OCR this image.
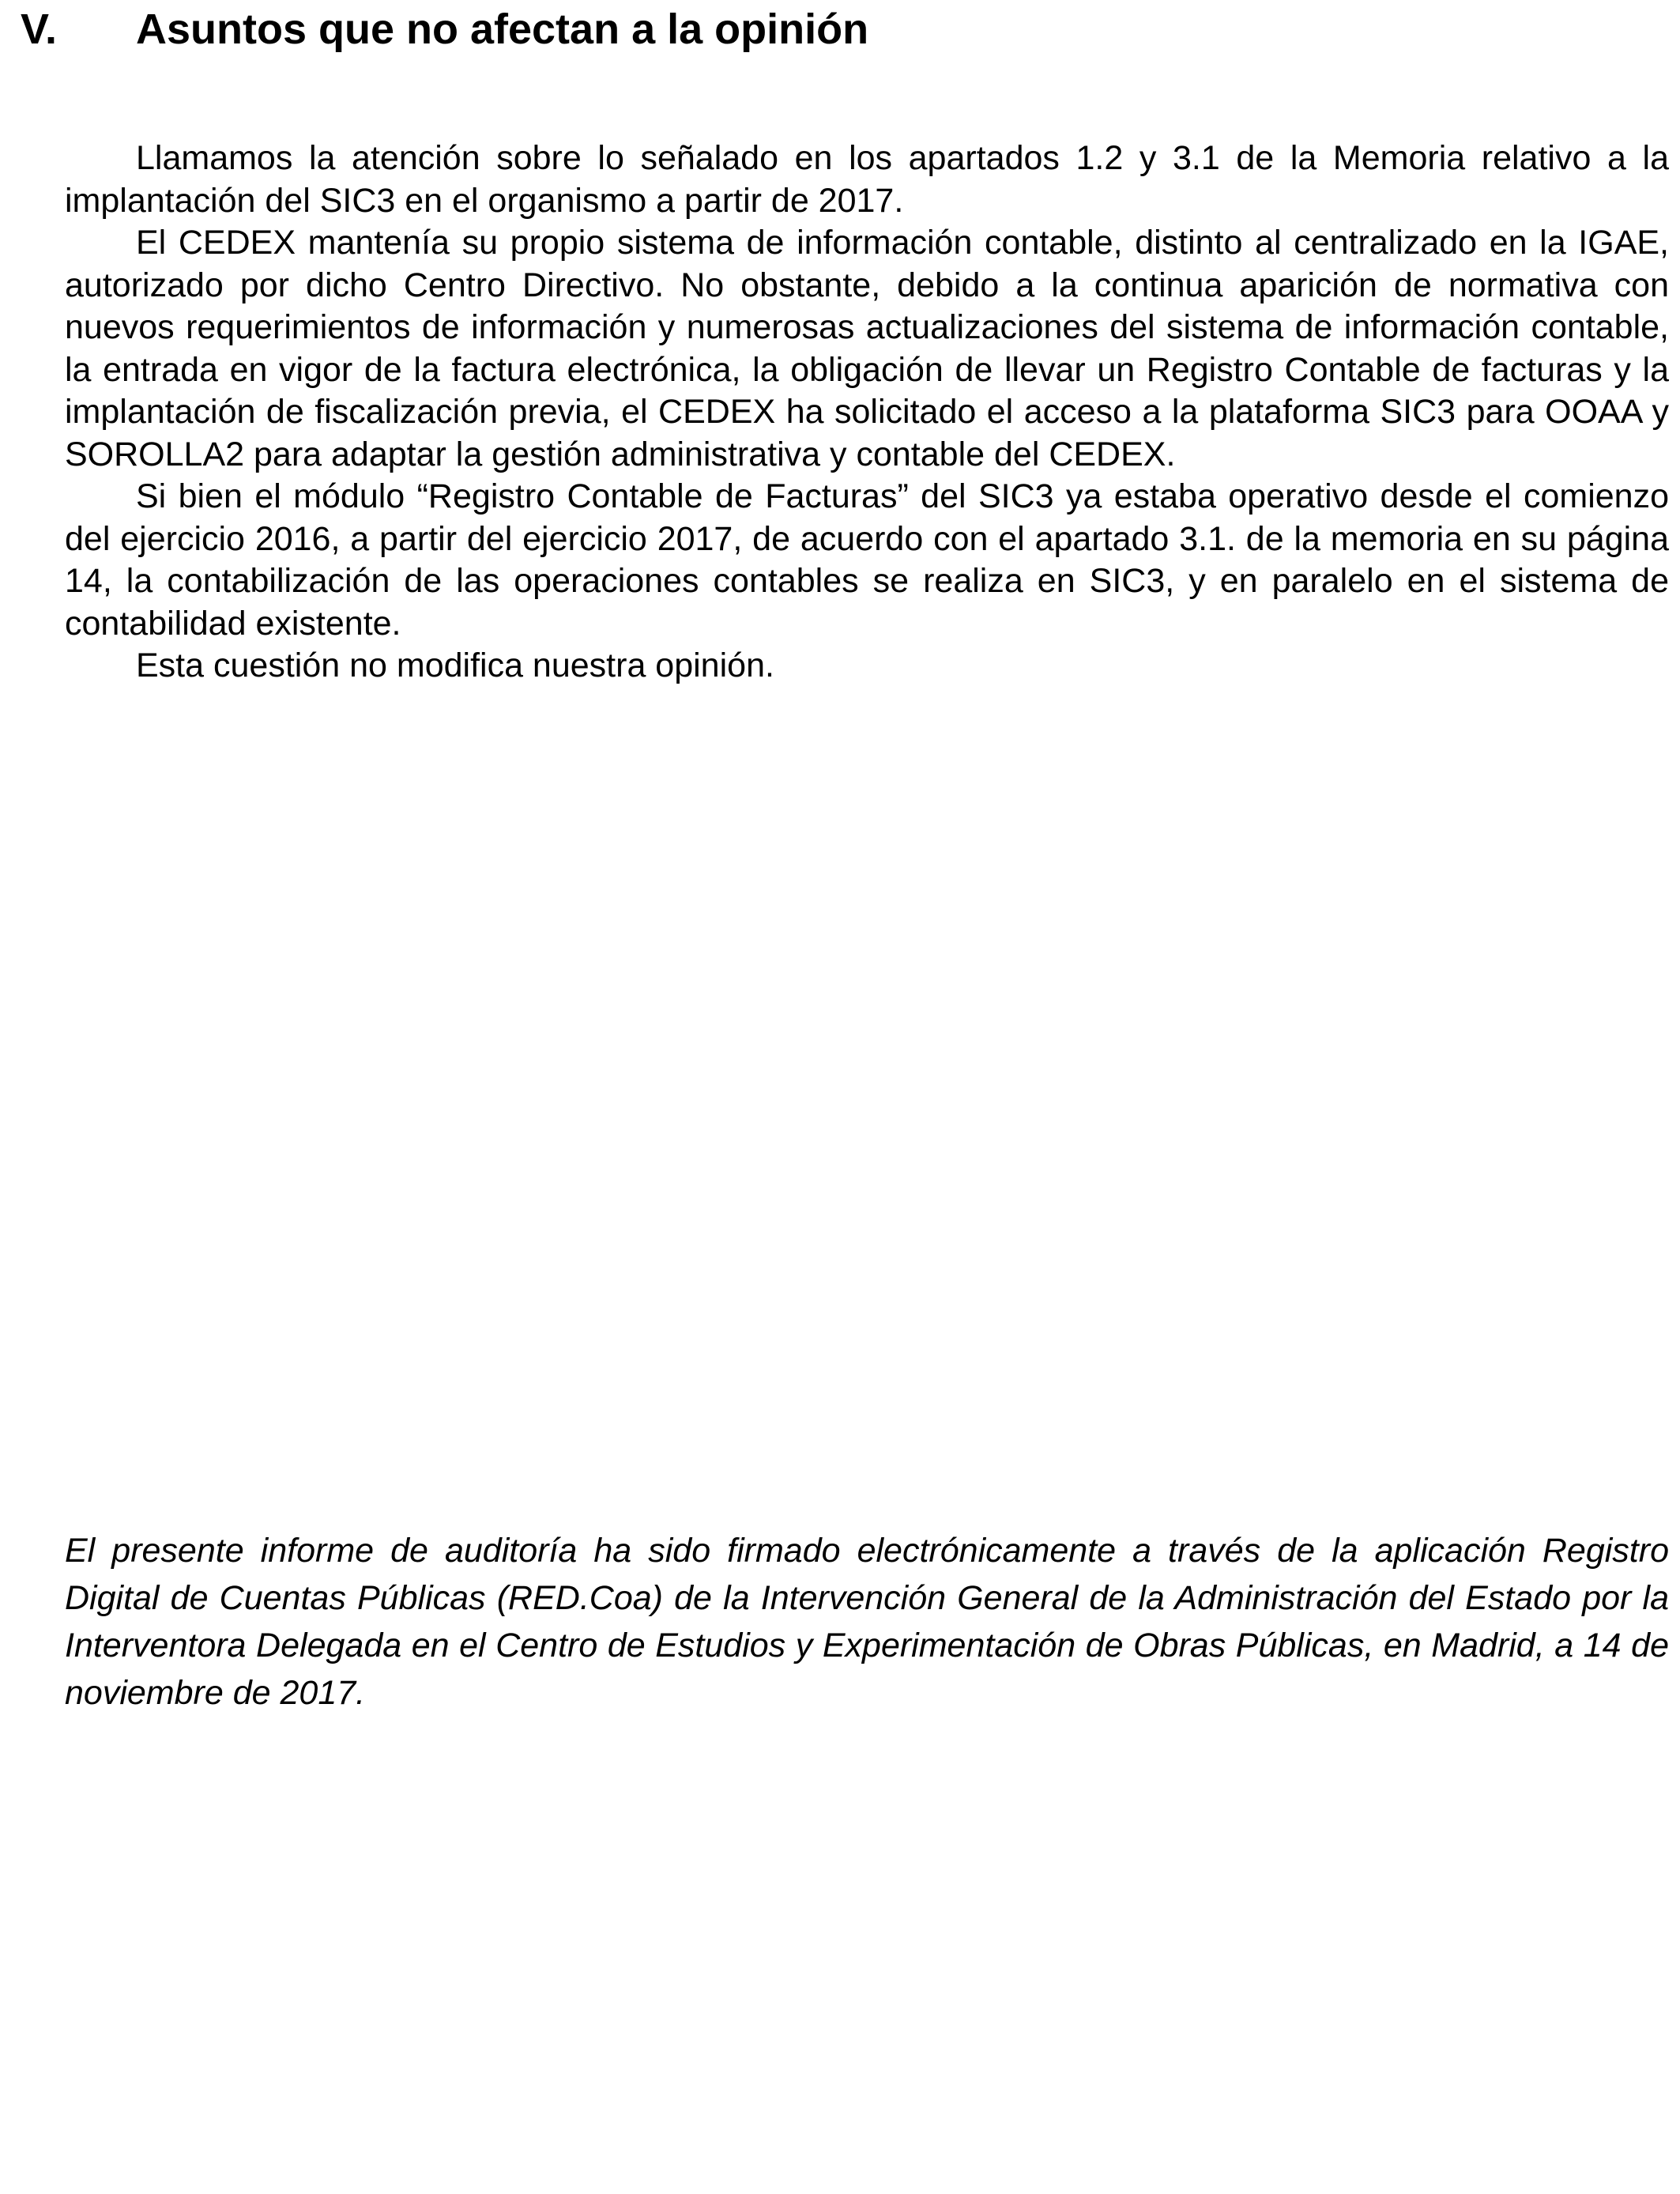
V. Asuntos que no afectan a la opinión

Llamamos la atención sobre lo señalado en los apartados 1.2 y 3.1 de la Memoria relativo a la implantación del SIC3 en el organismo a partir de 2017.

El CEDEX mantenía su propio sistema de información contable, distinto al centralizado en la IGAE, autorizado por dicho Centro Directivo. No obstante, debido a la continua aparición de normativa con nuevos requerimientos de información y numerosas actualizaciones del sistema de información contable, la entrada en vigor de la factura electrónica, la obligación de llevar un Registro Contable de facturas y la implantación de fiscalización previa, el CEDEX ha solicitado el acceso a la plataforma SIC3 para OOAA y SOROLLA2 para adaptar la gestión administrativa y contable del CEDEX.

Si bien el módulo “Registro Contable de Facturas” del SIC3 ya estaba operativo desde el comienzo del ejercicio 2016, a partir del ejercicio 2017, de acuerdo con el apartado 3.1. de la memoria en su página 14, la contabilización de las operaciones contables se realiza en SIC3, y en paralelo en el sistema de contabilidad existente.

Esta cuestión no modifica nuestra opinión.

El presente informe de auditoría ha sido firmado electrónicamente a través de la aplicación Registro Digital de Cuentas Públicas (RED.Coa) de la Intervención General de la Administración del Estado por la Interventora Delegada en el Centro de Estudios y Experimentación de Obras Públicas, en Madrid, a 14 de noviembre de 2017.
